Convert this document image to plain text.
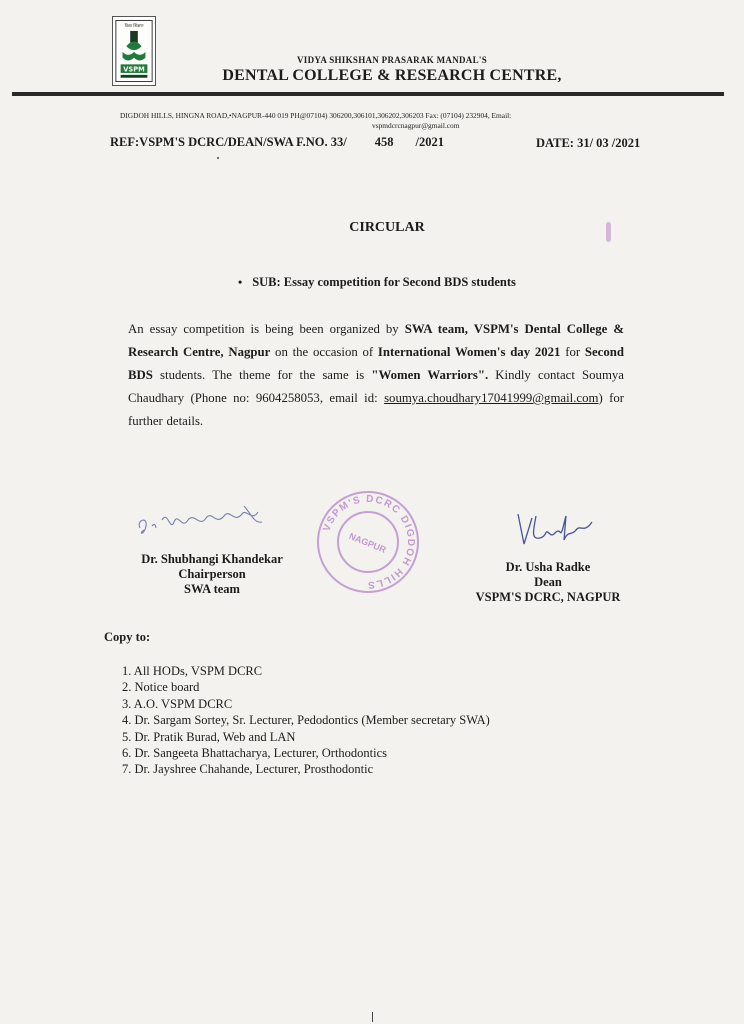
विद्या शिक्षण
VSPM
VIDYA SHIKSHAN PRASARAK MANDAL'S
DENTAL COLLEGE & RESEARCH CENTRE,
DIGDOH HILLS, HINGNA ROAD,•NAGPUR-440 019 PH@07104) 306200,306101,306202,306203 Fax: (07104) 232904, Email:
vspmdcrcnagpur@gmail.com
REF:VSPM'S DCRC/DEAN/SWA F.NO. 33/ 458 /2021	DATE: 31/ 03 /2021
CIRCULAR
• SUB: Essay competition for Second BDS students
An essay competition is being been organized by SWA team, VSPM's Dental College & Research Centre, Nagpur on the occasion of International Women's day 2021 for Second BDS students. The theme for the same is "Women Warriors". Kindly contact Soumya Chaudhary (Phone no: 9604258053, email id: soumya.choudhary17041999@gmail.com) for further details.
Dr. Shubhangi Khandekar
Chairperson
SWA team
VSPM'S DCRC DIGDOH HILLS
NAGPUR
Dr. Usha Radke
Dean
VSPM'S DCRC, NAGPUR
Copy to:
1. All HODs, VSPM DCRC
2. Notice board
3. A.O. VSPM DCRC
4. Dr. Sargam Sortey, Sr. Lecturer, Pedodontics (Member secretary SWA)
5. Dr. Pratik Burad, Web and LAN
6. Dr. Sangeeta Bhattacharya, Lecturer, Orthodontics
7. Dr. Jayshree Chahande, Lecturer, Prosthodontic
